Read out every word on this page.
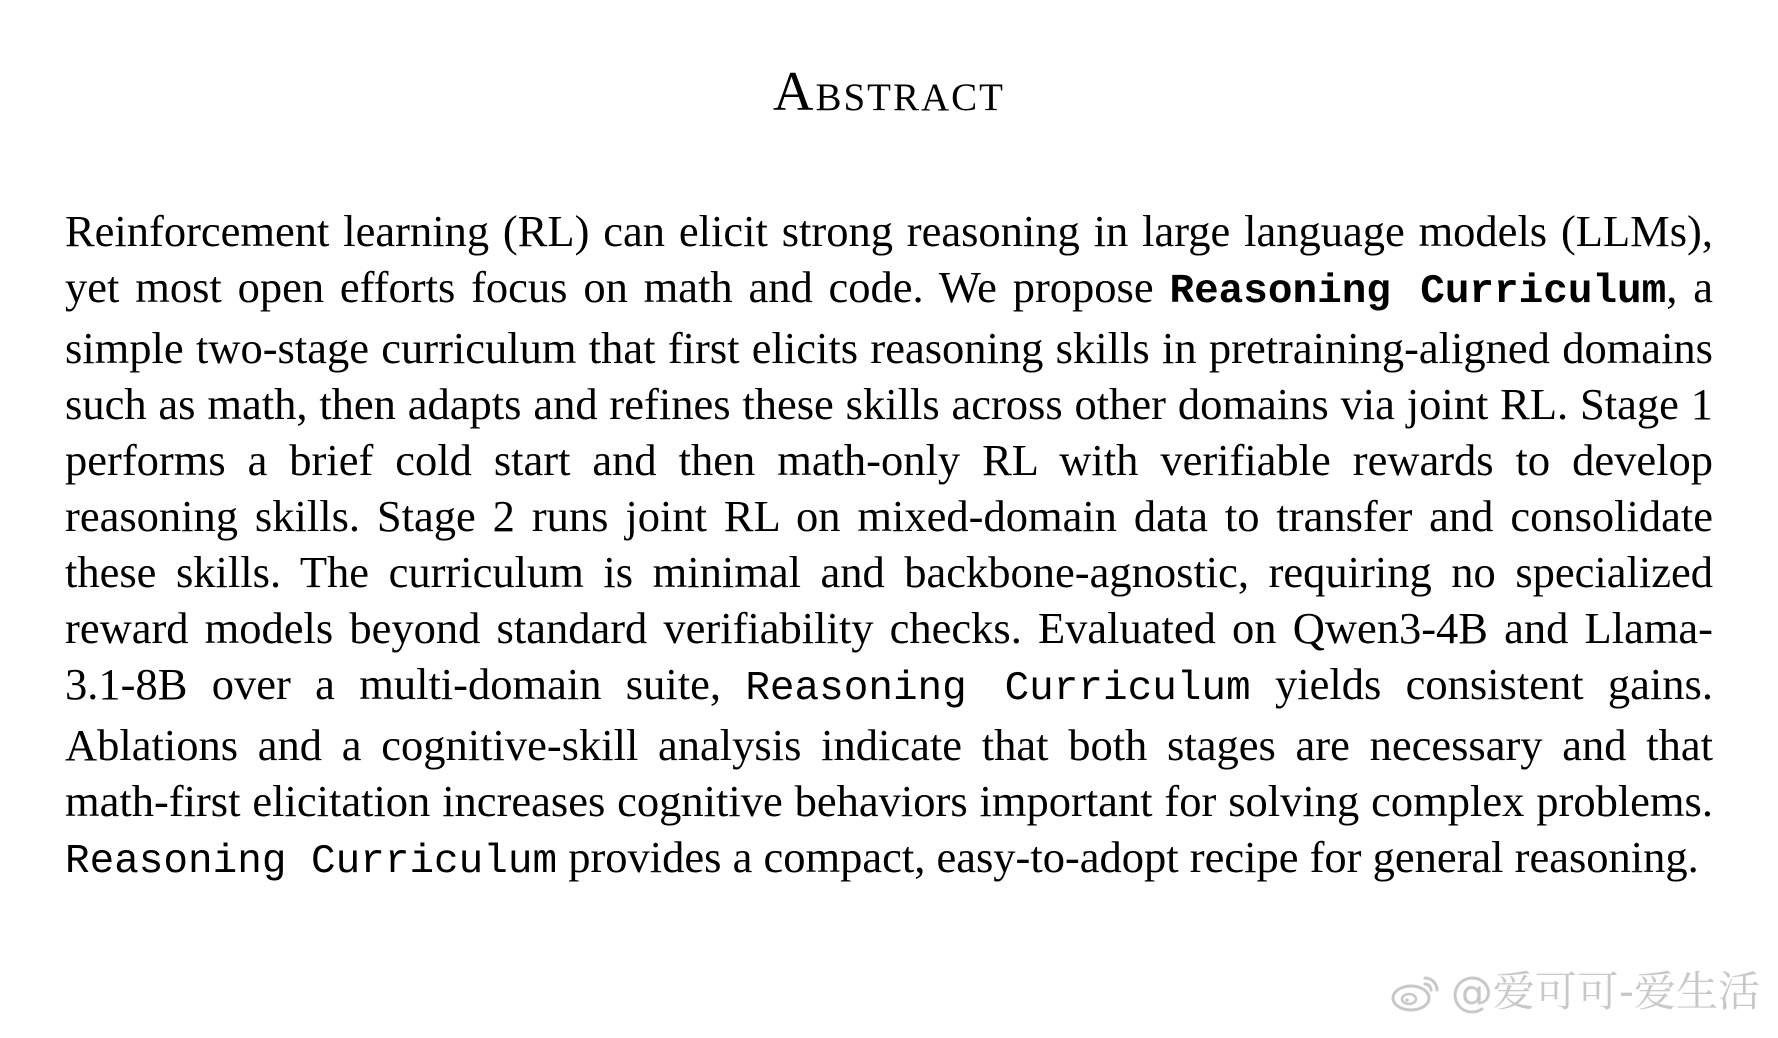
Abstract

Reinforcement learning (RL) can elicit strong reasoning in large language models (LLMs), yet most open efforts focus on math and code. We propose Reasoning Curriculum, a simple two-stage curriculum that first elicits reasoning skills in pretraining-aligned domains such as math, then adapts and refines these skills across other domains via joint RL. Stage 1 performs a brief cold start and then math-only RL with verifiable rewards to develop reasoning skills. Stage 2 runs joint RL on mixed-domain data to transfer and consolidate these skills. The curriculum is minimal and backbone-agnostic, requiring no specialized reward models beyond standard verifiability checks. Evaluated on Qwen3-4B and Llama-3.1-8B over a multi-domain suite, Reasoning Curriculum yields consistent gains. Ablations and a cognitive-skill analysis indicate that both stages are necessary and that math-first elicitation increases cognitive behaviors important for solving complex problems. Reasoning Curriculum provides a compact, easy-to-adopt recipe for general reasoning.

@爱可可-爱生活
